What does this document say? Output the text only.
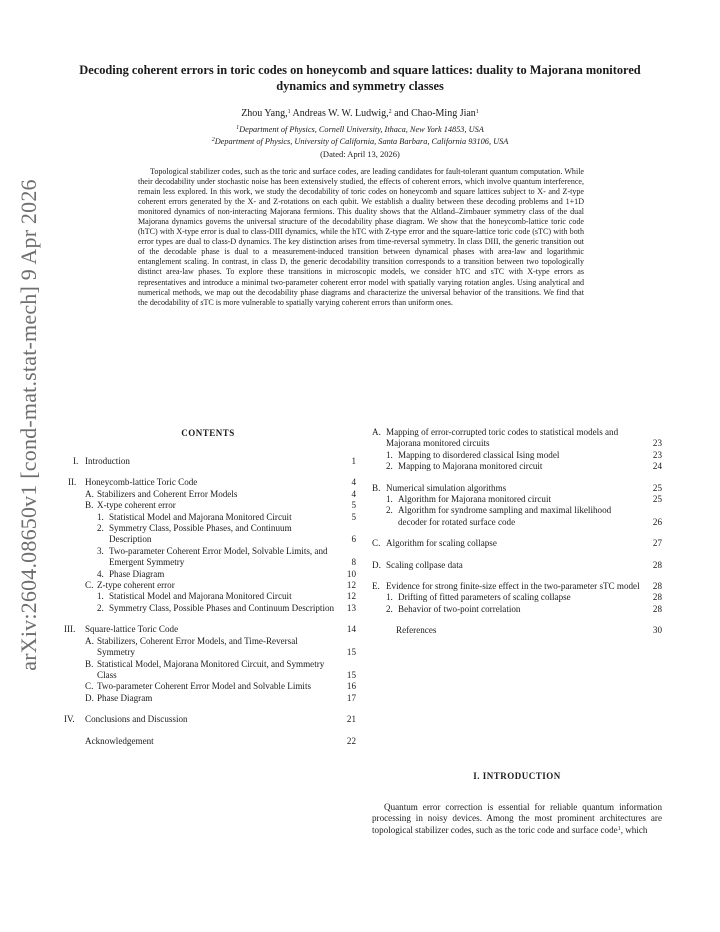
arXiv:2604.08650v1 [cond-mat.stat-mech] 9 Apr 2026
Decoding coherent errors in toric codes on honeycomb and square lattices: duality to Majorana monitored dynamics and symmetry classes
Zhou Yang,$^1$ Andreas W. W. Ludwig,$^2$ and Chao-Ming Jian$^1$
$^1$Department of Physics, Cornell University, Ithaca, New York 14853, USA
$^2$Department of Physics, University of California, Santa Barbara, California 93106, USA
(Dated: April 13, 2026)

Topological stabilizer codes, such as the toric and surface codes, are leading candidates for fault-tolerant quantum computation. While their decodability under stochastic noise has been extensively studied, the effects of coherent errors, which involve quantum interference, remain less explored. In this work, we study the decodability of toric codes on honeycomb and square lattices subject to X- and Z-type coherent errors generated by the X- and Z-rotations on each qubit. We establish a duality between these decoding problems and 1+1D monitored dynamics of non-interacting Majorana fermions. This duality shows that the Altland–Zirnbauer symmetry class of the dual Majorana dynamics governs the universal structure of the decodability phase diagram. We show that the honeycomb-lattice toric code (hTC) with X-type error is dual to class-DIII dynamics, while the hTC with Z-type error and the square-lattice toric code (sTC) with both error types are dual to class-D dynamics. The key distinction arises from time-reversal symmetry. In class DIII, the generic transition out of the decodable phase is dual to a measurement-induced transition between dynamical phases with area-law and logarithmic entanglement scaling. In contrast, in class D, the generic decodability transition corresponds to a transition between two topologically distinct area-law phases. To explore these transitions in microscopic models, we consider hTC and sTC with X-type errors as representatives and introduce a minimal two-parameter coherent error model with spatially varying rotation angles. Using analytical and numerical methods, we map out the decodability phase diagrams and characterize the universal behavior of the transitions. We find that the decodability of sTC is more vulnerable to spatially varying coherent errors than uniform ones.

CONTENTS
I. Introduction	1
II. Honeycomb-lattice Toric Code	4
A. Stabilizers and Coherent Error Models	4
B. X-type coherent error	5
1. Statistical Model and Majorana Monitored Circuit	5
2. Symmetry Class, Possible Phases, and Continuum Description	6
3. Two-parameter Coherent Error Model, Solvable Limits, and Emergent Symmetry	8
4. Phase Diagram	10
C. Z-type coherent error	12
1. Statistical Model and Majorana Monitored Circuit	12
2. Symmetry Class, Possible Phases and Continuum Description 13
III. Square-lattice Toric Code	14
A. Stabilizers, Coherent Error Models, and Time-Reversal Symmetry	15
B. Statistical Model, Majorana Monitored Circuit, and Symmetry Class	15
C. Two-parameter Coherent Error Model and Solvable Limits	16
D. Phase Diagram	17
IV. Conclusions and Discussion	21
Acknowledgement	22
A. Mapping of error-corrupted toric codes to statistical models and Majorana monitored circuits	23
1. Mapping to disordered classical Ising model	23
2. Mapping to Majorana monitored circuit	24
B. Numerical simulation algorithms	25
1. Algorithm for Majorana monitored circuit	25
2. Algorithm for syndrome sampling and maximal likelihood decoder for rotated surface code	26
C. Algorithm for scaling collapse	27
D. Scaling collpase data	28
E. Evidence for strong finite-size effect in the two-parameter sTC model 28
1. Drifting of fitted parameters of scaling collapse	28
2. Behavior of two-point correlation	28
References	30
I. INTRODUCTION

Quantum error correction is essential for reliable quantum information processing in noisy devices. Among the most prominent architectures are topological stabilizer codes, such as the toric code and surface code$^1$, which
